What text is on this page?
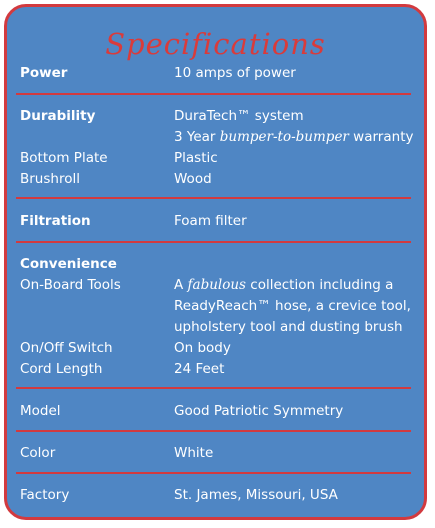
Specifications
Power	10 amps of power
Durability	DuraTech™ system
3 Year bumper-to-bumper warranty
Bottom Plate	Plastic
Brushroll	Wood
Filtration	Foam filter
Convenience
On-Board Tools	A fabulous collection including a
ReadyReach™ hose, a crevice tool,
upholstery tool and dusting brush
On/Off Switch	On body
Cord Length	24 Feet
Model	Good Patriotic Symmetry
Color	White
Factory	St. James, Missouri, USA
